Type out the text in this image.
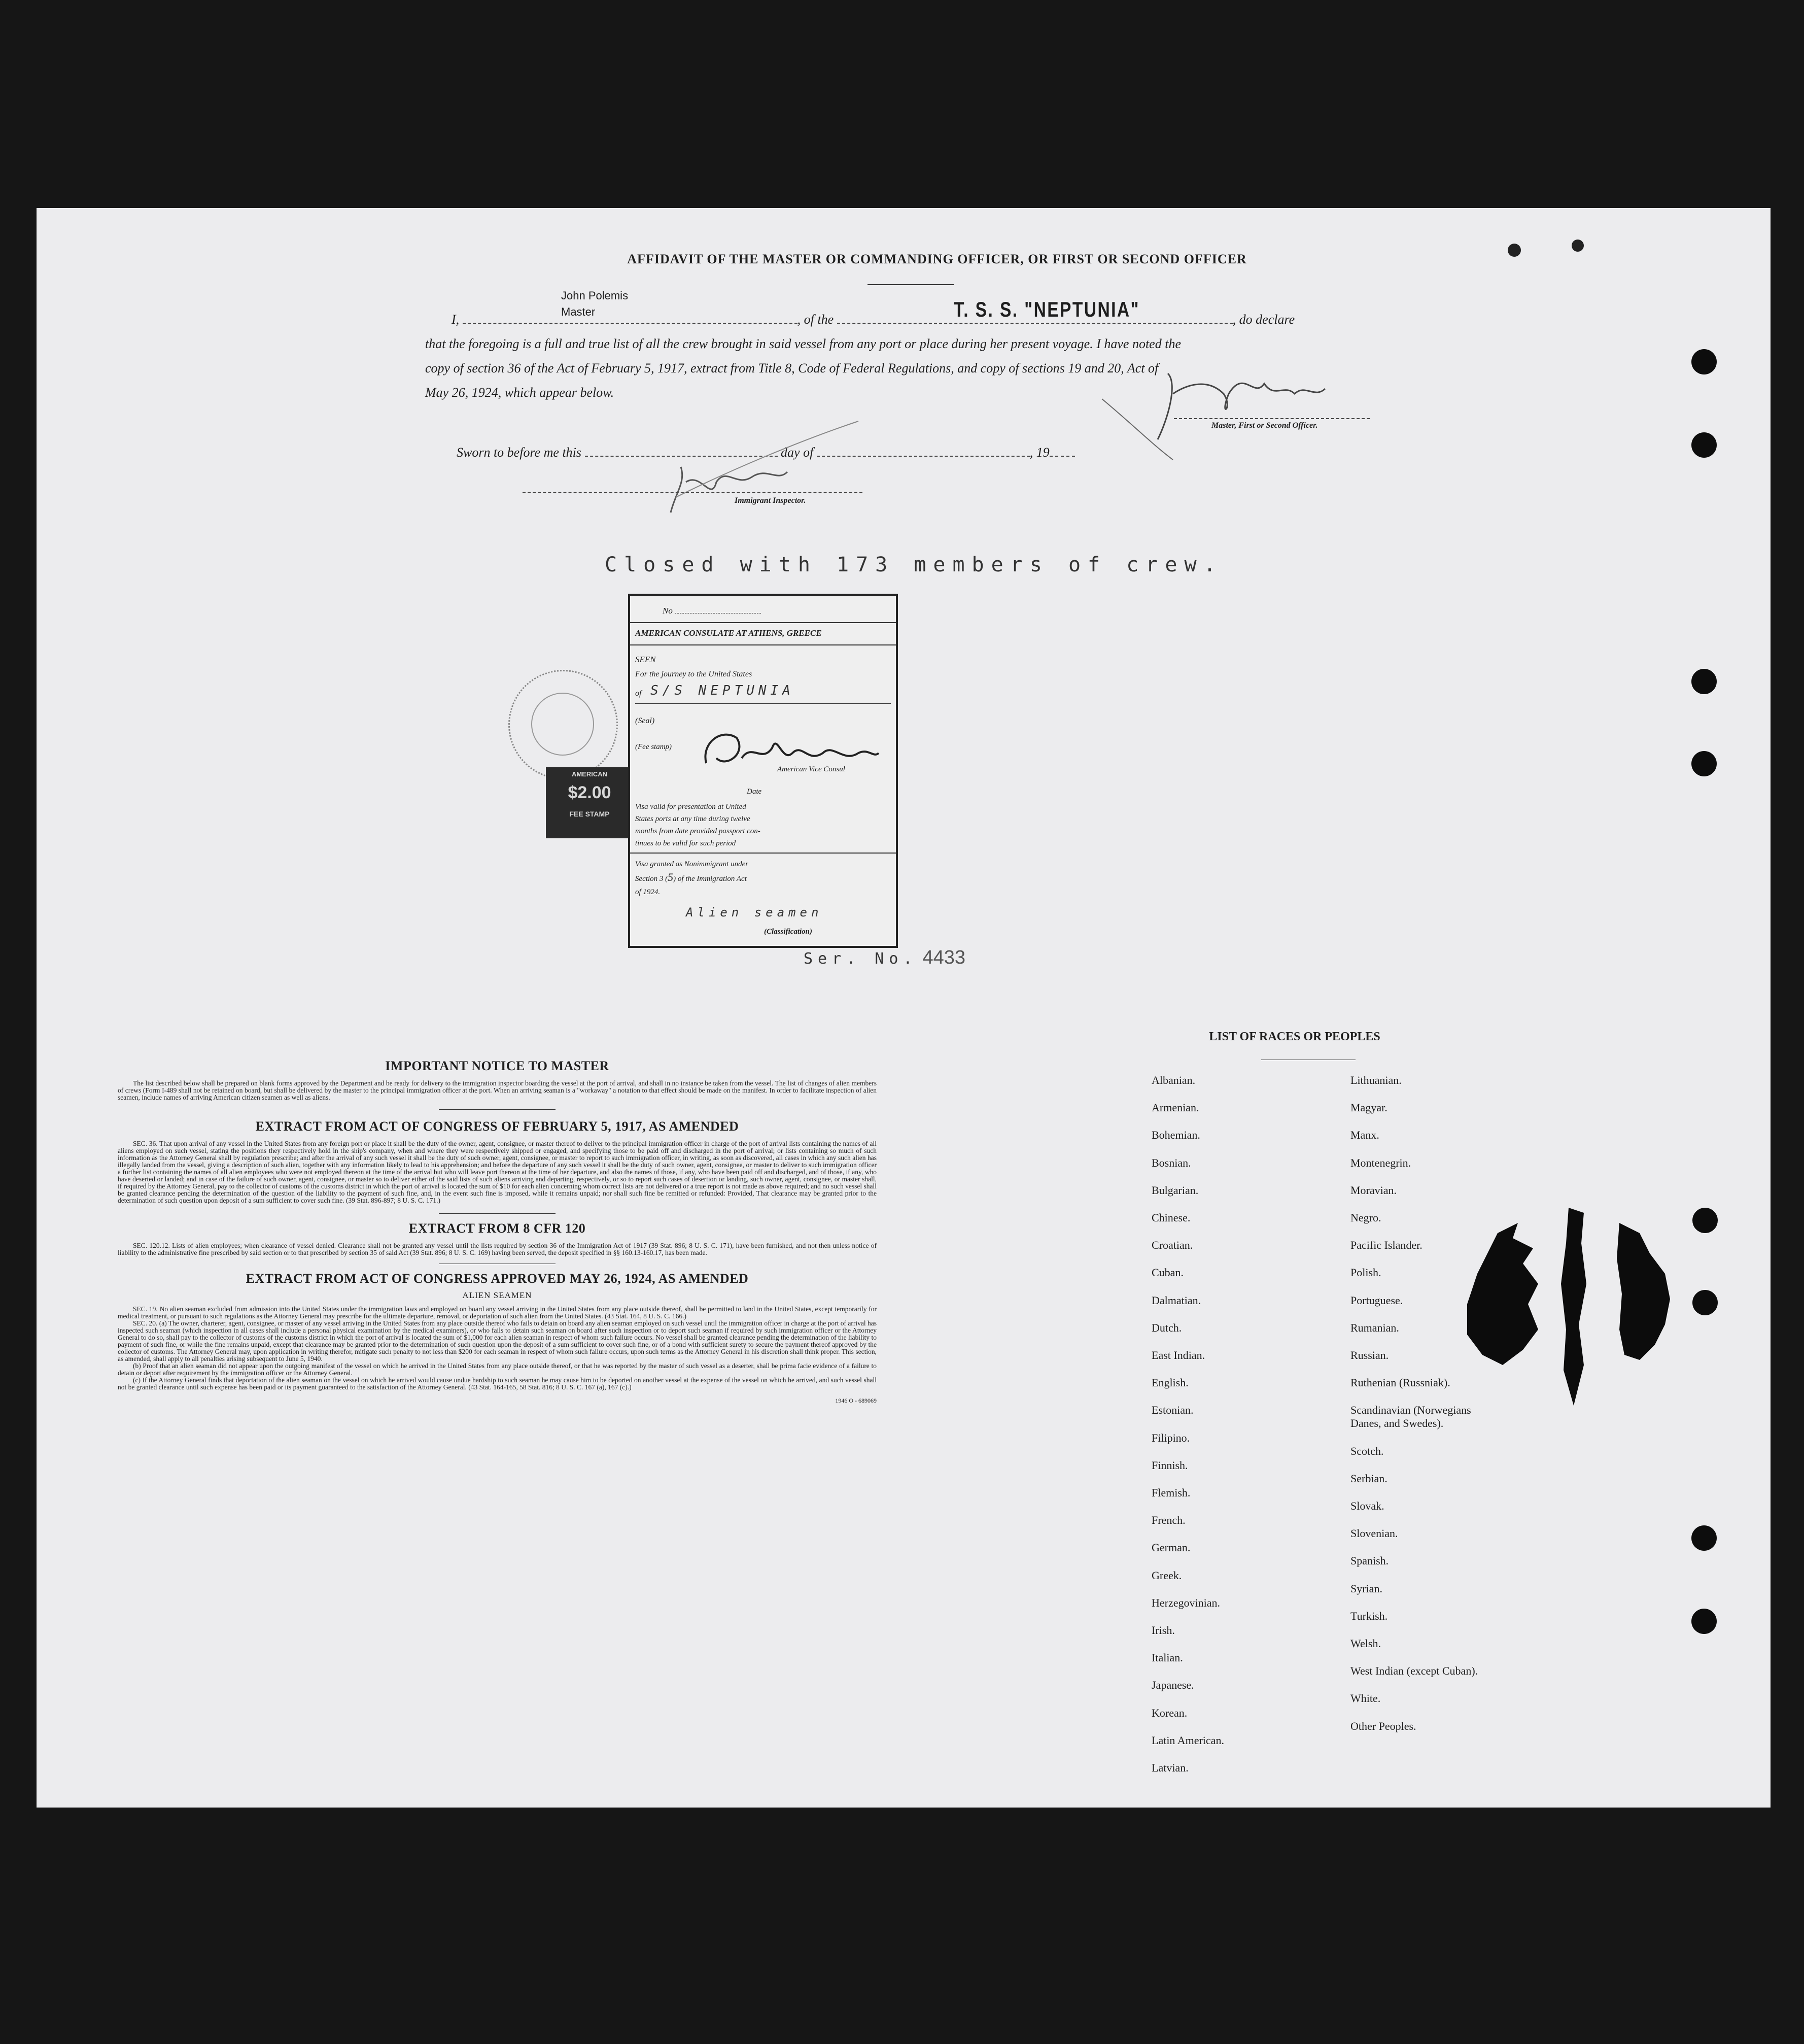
AFFIDAVIT OF THE MASTER OR COMMANDING OFFICER, OR FIRST OR SECOND OFFICER
John Polemis
Master	T. S. S. "NEPTUNIA"
I,	, of the	, do declare
that the foregoing is a full and true list of all the crew brought in said vessel from any port or place during her present voyage. I have noted the
copy of section 36 of the Act of February 5, 1917, extract from Title 8, Code of Federal Regulations, and copy of sections 19 and 20, Act of
May 26, 1924, which appear below.
Master, First or Second Officer.
Sworn to before me this	day of	, 19
Immigrant Inspector.
Closed with 173 members of crew.
AMERICAN
$2.00
FEE STAMP
No
AMERICAN CONSULATE AT ATHENS, GREECE
SEEN
For the journey to the United States
of S/S NEPTUNIA
(Seal)
(Fee stamp)
American Vice Consul
Date
Visa valid for presentation at United
States ports at any time during twelve
months from date provided passport con-
tinues to be valid for such period
Visa granted as Nonimmigrant under
Section 3 (5) of the Immigration Act
of 1924.
Alien seamen
(Classification)
Ser. No. 4433
IMPORTANT NOTICE TO MASTER
The list described below shall be prepared on blank forms approved by the Department and be ready for delivery to the immigration inspector boarding the vessel at the port of arrival, and shall in no instance be taken from the vessel. The list of changes of alien members of crews (Form I-489 shall not be retained on board, but shall be delivered by the master to the principal immigration officer at the port. When an arriving seaman is a "workaway" a notation to that effect should be made on the manifest. In order to facilitate inspection of alien seamen, include names of arriving American citizen seamen as well as aliens.
EXTRACT FROM ACT OF CONGRESS OF FEBRUARY 5, 1917, AS AMENDED
SEC. 36. That upon arrival of any vessel in the United States from any foreign port or place it shall be the duty of the owner, agent, consignee, or master thereof to deliver to the principal immigration officer in charge of the port of arrival lists containing the names of all aliens employed on such vessel, stating the positions they respectively hold in the ship's company, when and where they were respectively shipped or engaged, and specifying those to be paid off and discharged in the port of arrival; or lists containing so much of such information as the Attorney General shall by regulation prescribe; and after the arrival of any such vessel it shall be the duty of such owner, agent, consignee, or master to report to such immigration officer, in writing, as soon as discovered, all cases in which any such alien has illegally landed from the vessel, giving a description of such alien, together with any information likely to lead to his apprehension; and before the departure of any such vessel it shall be the duty of such owner, agent, consignee, or master to deliver to such immigration officer a further list containing the names of all alien employees who were not employed thereon at the time of the arrival but who will leave port thereon at the time of her departure, and also the names of those, if any, who have been paid off and discharged, and of those, if any, who have deserted or landed; and in case of the failure of such owner, agent, consignee, or master so to deliver either of the said lists of such aliens arriving and departing, respectively, or so to report such cases of desertion or landing, such owner, agent, consignee, or master shall, if required by the Attorney General, pay to the collector of customs of the customs district in which the port of arrival is located the sum of $10 for each alien concerning whom correct lists are not delivered or a true report is not made as above required; and no such vessel shall be granted clearance pending the determination of the question of the liability to the payment of such fine, and, in the event such fine is imposed, while it remains unpaid; nor shall such fine be remitted or refunded: Provided, That clearance may be granted prior to the determination of such question upon deposit of a sum sufficient to cover such fine. (39 Stat. 896-897; 8 U. S. C. 171.)
EXTRACT FROM 8 CFR 120
SEC. 120.12. Lists of alien employees; when clearance of vessel denied. Clearance shall not be granted any vessel until the lists required by section 36 of the Immigration Act of 1917 (39 Stat. 896; 8 U. S. C. 171), have been furnished, and not then unless notice of liability to the administrative fine prescribed by said section or to that prescribed by section 35 of said Act (39 Stat. 896; 8 U. S. C. 169) having been served, the deposit specified in §§ 160.13-160.17, has been made.
EXTRACT FROM ACT OF CONGRESS APPROVED MAY 26, 1924, AS AMENDED
ALIEN SEAMEN
SEC. 19. No alien seaman excluded from admission into the United States under the immigration laws and employed on board any vessel arriving in the United States from any place outside thereof, shall be permitted to land in the United States, except temporarily for medical treatment, or pursuant to such regulations as the Attorney General may prescribe for the ultimate departure, removal, or deportation of such alien from the United States. (43 Stat. 164, 8 U. S. C. 166.)
SEC. 20. (a) The owner, charterer, agent, consignee, or master of any vessel arriving in the United States from any place outside thereof who fails to detain on board any alien seaman employed on such vessel until the immigration officer in charge at the port of arrival has inspected such seaman (which inspection in all cases shall include a personal physical examination by the medical examiners), or who fails to detain such seaman on board after such inspection or to deport such seaman if required by such immigration officer or the Attorney General to do so, shall pay to the collector of customs of the customs district in which the port of arrival is located the sum of $1,000 for each alien seaman in respect of whom such failure occurs. No vessel shall be granted clearance pending the determination of the liability to payment of such fine, or while the fine remains unpaid, except that clearance may be granted prior to the determination of such question upon the deposit of a sum sufficient to cover such fine, or of a bond with sufficient surety to secure the payment thereof approved by the collector of customs. The Attorney General may, upon application in writing therefor, mitigate such penalty to not less than $200 for each seaman in respect of whom such failure occurs, upon such terms as the Attorney General in his discretion shall think proper. This section, as amended, shall apply to all penalties arising subsequent to June 5, 1940.
(b) Proof that an alien seaman did not appear upon the outgoing manifest of the vessel on which he arrived in the United States from any place outside thereof, or that he was reported by the master of such vessel as a deserter, shall be prima facie evidence of a failure to detain or deport after requirement by the immigration officer or the Attorney General.
(c) If the Attorney General finds that deportation of the alien seaman on the vessel on which he arrived would cause undue hardship to such seaman he may cause him to be deported on another vessel at the expense of the vessel on which he arrived, and such vessel shall not be granted clearance until such expense has been paid or its payment guaranteed to the satisfaction of the Attorney General. (43 Stat. 164-165, 58 Stat. 816; 8 U. S. C. 167 (a), 167 (c).)
1946 O - 689069
LIST OF RACES OR PEOPLES
Albanian.
Armenian.
Bohemian.
Bosnian.
Bulgarian.
Chinese.
Croatian.
Cuban.
Dalmatian.
Dutch.
East Indian.
English.
Estonian.
Filipino.
Finnish.
Flemish.
French.
German.
Greek.
Herzegovinian.
Irish.
Italian.
Japanese.
Korean.
Latin American.
Latvian.
Lithuanian.
Magyar.
Manx.
Montenegrin.
Moravian.
Negro.
Pacific Islander.
Polish.
Portuguese.
Rumanian.
Russian.
Ruthenian (Russniak).
Scandinavian (Norwegians
Danes, and Swedes).
Scotch.
Serbian.
Slovak.
Slovenian.
Spanish.
Syrian.
Turkish.
Welsh.
West Indian (except Cuban).
White.
Other Peoples.
